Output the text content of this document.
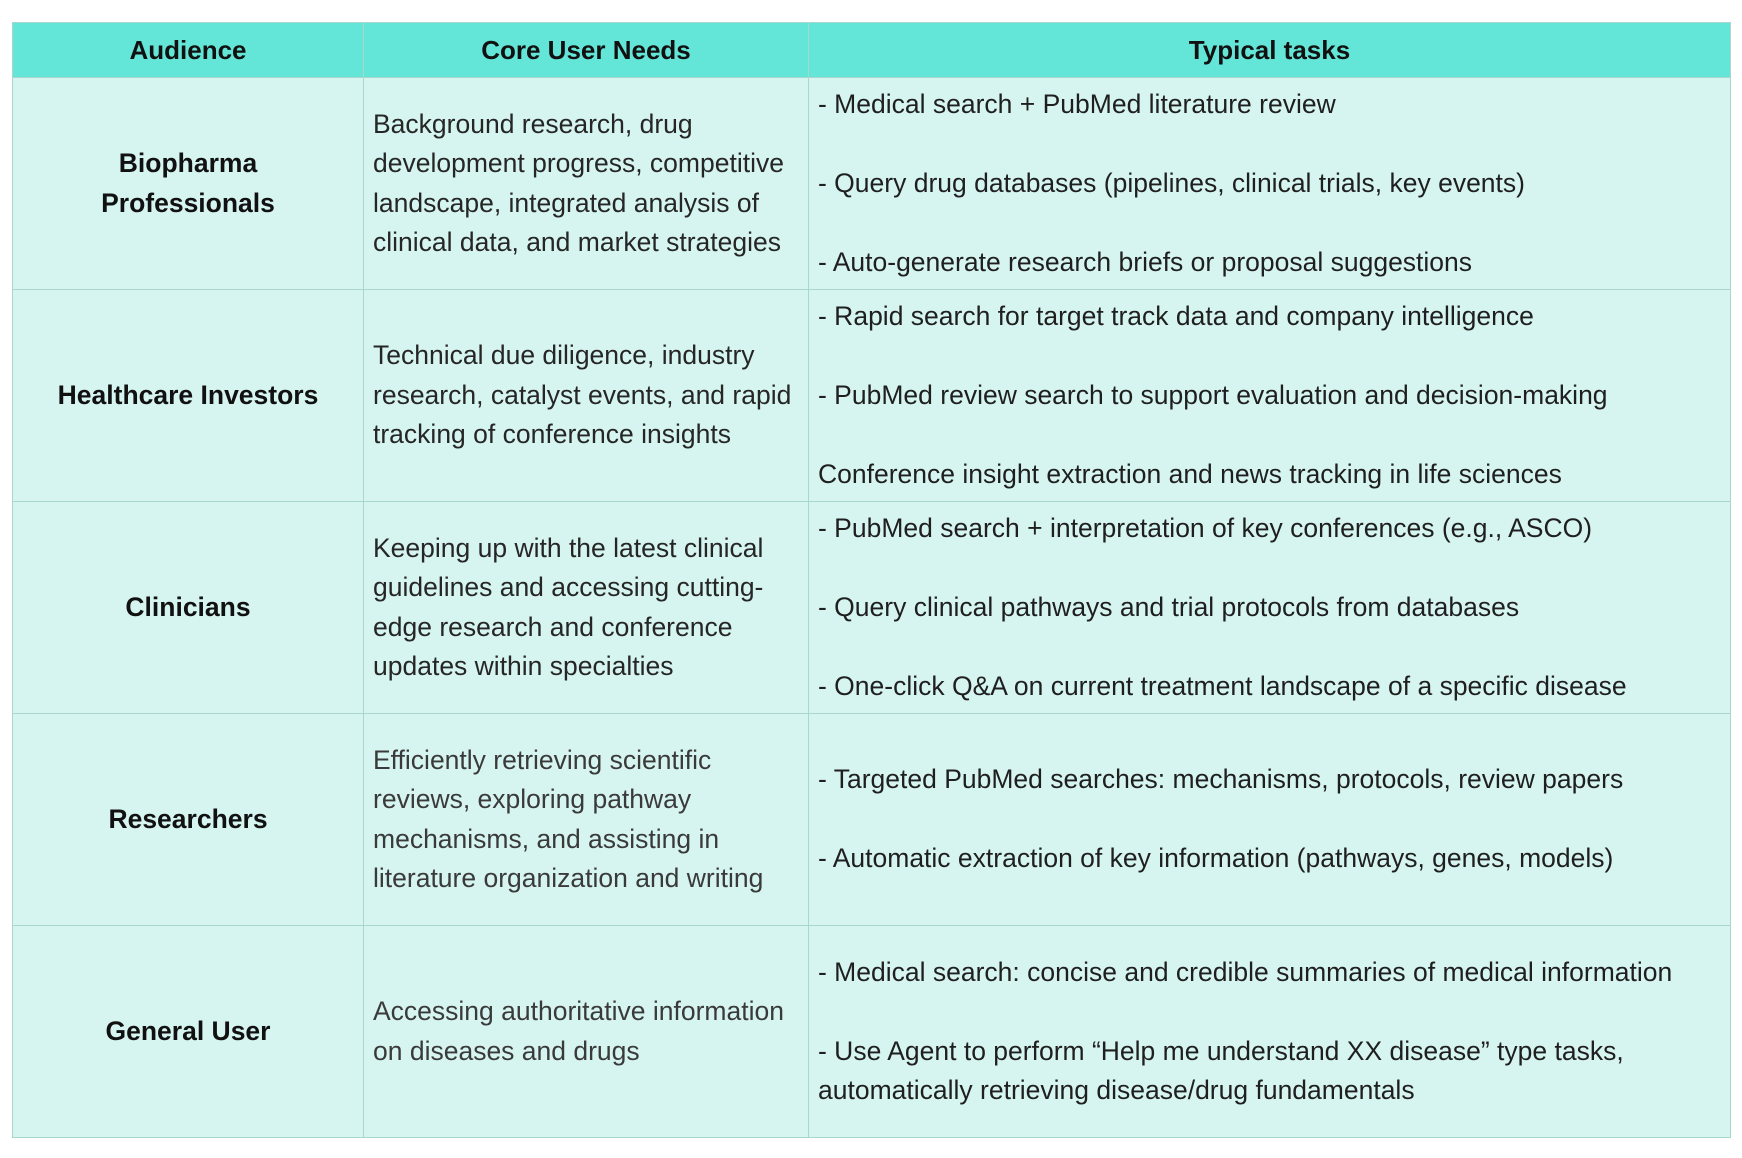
Audience	Core User Needs	Typical tasks
Biopharma Professionals	Background research, drug development progress, competitive landscape, integrated analysis of clinical data, and market strategies	- Medical search + PubMed literature review
- Query drug databases (pipelines, clinical trials, key events)
- Auto-generate research briefs or proposal suggestions

Healthcare Investors	Technical due diligence, industry research, catalyst events, and rapid tracking of conference insights	- Rapid search for target track data and company intelligence
- PubMed review search to support evaluation and decision-making
Conference insight extraction and news tracking in life sciences

Clinicians	Keeping up with the latest clinical guidelines and accessing cutting-edge research and conference updates within specialties	- PubMed search + interpretation of key conferences (e.g., ASCO)
- Query clinical pathways and trial protocols from databases
- One-click Q&A on current treatment landscape of a specific disease

Researchers	Efficiently retrieving scientific reviews, exploring pathway mechanisms, and assisting in literature organization and writing	- Targeted PubMed searches: mechanisms, protocols, review papers
- Automatic extraction of key information (pathways, genes, models)

General User	Accessing authoritative information on diseases and drugs	- Medical search: concise and credible summaries of medical information
- Use Agent to perform “Help me understand XX disease” type tasks, automatically retrieving disease/drug fundamentals
